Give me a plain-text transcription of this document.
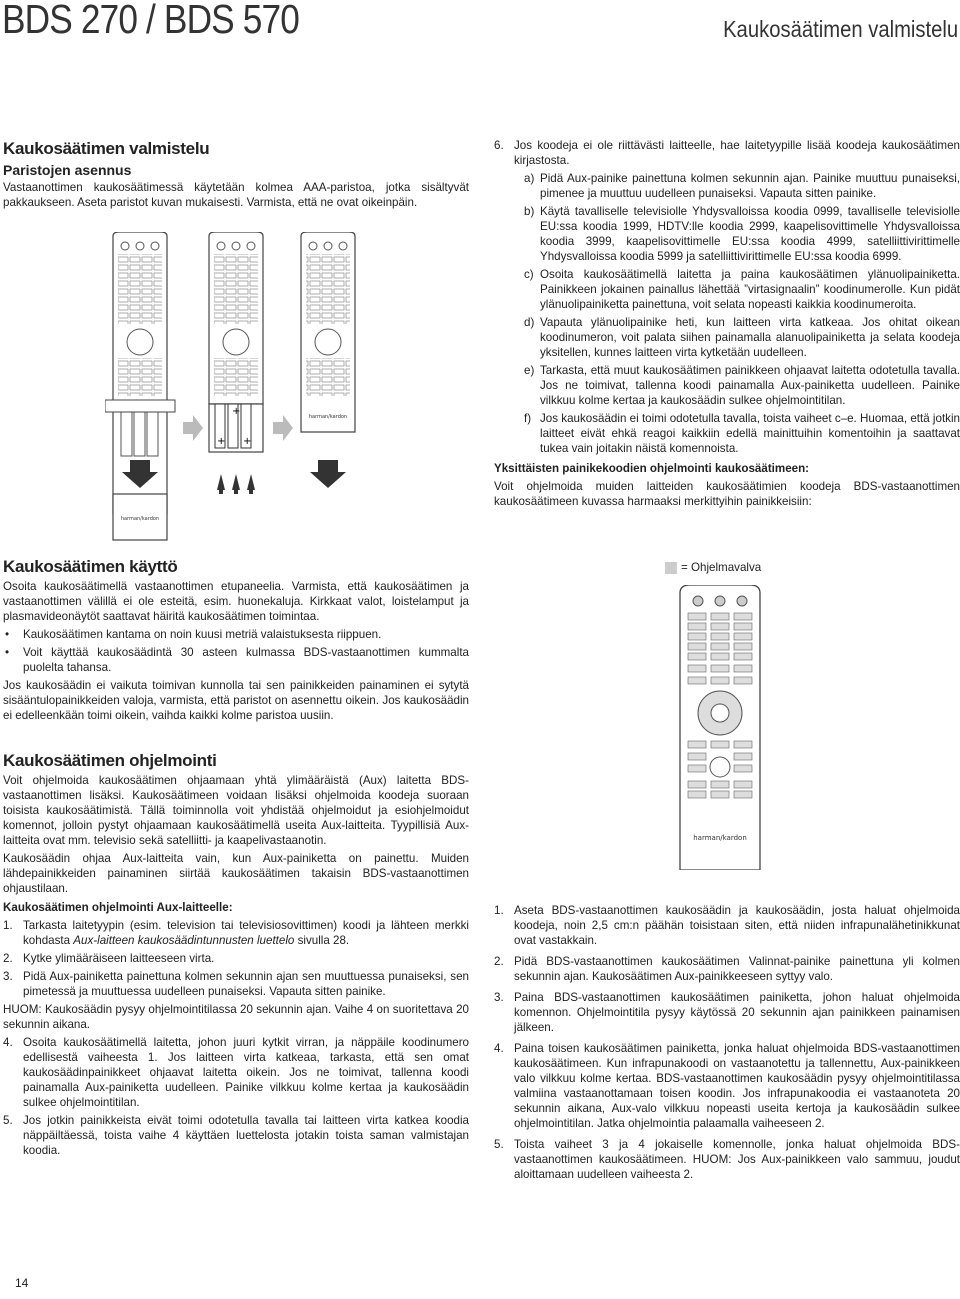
BDS 270 / BDS 570	Kaukosäätimen valmistelu
Kaukosäätimen valmistelu
Paristojen asennus

Vastaanottimen kaukosäätimessä käytetään kolmea AAA-paristoa, jotka sisältyvät pakkaukseen. Aseta paristot kuvan mukaisesti. Varmista, että ne ovat oikeinpäin.

+
+
+
harman/kardon
harman/kardon
Kaukosäätimen käyttö

Osoita kaukosäätimellä vastaanottimen etupaneelia. Varmista, että kaukosäätimen ja vastaanottimen välillä ei ole esteitä, esim. huonekaluja. Kirkkaat valot, loistelamput ja plasmavideonäytöt saattavat häiritä kaukosäätimen toimintaa.

• Kaukosäätimen kantama on noin kuusi metriä valaistuksesta riippuen.
• Voit käyttää kaukosäädintä 30 asteen kulmassa BDS-vastaanottimen kummalta puolelta tahansa.

Jos kaukosäädin ei vaikuta toimivan kunnolla tai sen painikkeiden painaminen ei sytytä sisääntulopainikkeiden valoja, varmista, että paristot on asennettu oikein. Jos kaukosäädin ei edelleenkään toimi oikein, vaihda kaikki kolme paristoa uusiin.

Kaukosäätimen ohjelmointi

Voit ohjelmoida kaukosäätimen ohjaamaan yhtä ylimääräistä (Aux) laitetta BDS-vastaanottimen lisäksi. Kaukosäätimeen voidaan lisäksi ohjelmoida koodeja suoraan toisista kaukosäätimistä. Tällä toiminnolla voit yhdistää ohjelmoidut ja esiohjelmoidut komennot, jolloin pystyt ohjaamaan kaukosäätimellä useita Aux-laitteita. Tyypillisiä Aux-laitteita ovat mm. televisio sekä satelliitti- ja kaapelivastaanotin.

Kaukosäädin ohjaa Aux-laitteita vain, kun Aux-painiketta on painettu. Muiden lähdepainikkeiden painaminen siirtää kaukosäätimen takaisin BDS-vastaanottimen ohjaustilaan.

Kaukosäätimen ohjelmointi Aux-laitteelle:
1. Tarkasta laitetyypin (esim. television tai televisiosovittimen) koodi ja lähteen merkki kohdasta Aux-laitteen kaukosäädintunnusten luettelo sivulla 28.
2. Kytke ylimääräiseen laitteeseen virta.
3. Pidä Aux-painiketta painettuna kolmen sekunnin ajan sen muuttuessa punaiseksi, sen pimetessä ja muuttuessa uudelleen punaiseksi. Vapauta sitten painike.

HUOM: Kaukosäädin pysyy ohjelmointitilassa 20 sekunnin ajan. Vaihe 4 on suoritettava 20 sekunnin aikana.

4. Osoita kaukosäätimellä laitetta, johon juuri kytkit virran, ja näppäile koodinumero edellisestä vaiheesta 1. Jos laitteen virta katkeaa, tarkasta, että sen omat kaukosäädinpainikkeet ohjaavat laitetta oikein. Jos ne toimivat, tallenna koodi painamalla Aux-painiketta uudelleen. Painike vilkkuu kolme kertaa ja kaukosäädin sulkee ohjelmointitilan.
5. Jos jotkin painikkeista eivät toimi odotetulla tavalla tai laitteen virta katkea koodia näppäiltäessä, toista vaihe 4 käyttäen luettelosta jotakin toista saman valmistajan koodia.
6. Jos koodeja ei ole riittävästi laitteelle, hae laitetyypille lisää koodeja kaukosäätimen kirjastosta.
a) Pidä Aux-painike painettuna kolmen sekunnin ajan. Painike muuttuu punaiseksi, pimenee ja muuttuu uudelleen punaiseksi. Vapauta sitten painike.
b) Käytä tavalliselle televisiolle Yhdysvalloissa koodia 0999, tavalliselle televisiolle EU:ssa koodia 1999, HDTV:lle koodia 2999, kaapelisovittimelle Yhdysvalloissa koodia 3999, kaapelisovittimelle EU:ssa koodia 4999, satelliittivirittimelle Yhdysvalloissa koodia 5999 ja satelliittivirittimelle EU:ssa koodia 6999.
c) Osoita kaukosäätimellä laitetta ja paina kaukosäätimen ylänuolipainiketta. Painikkeen jokainen painallus lähettää ”virtasignaalin” koodinumerolle. Kun pidät ylänuolipainiketta painettuna, voit selata nopeasti kaikkia koodinumeroita.
d) Vapauta ylänuolipainike heti, kun laitteen virta katkeaa. Jos ohitat oikean koodinumeron, voit palata siihen painamalla alanuolipainiketta ja selata koodeja yksitellen, kunnes laitteen virta kytketään uudelleen.
e) Tarkasta, että muut kaukosäätimen painikkeen ohjaavat laitetta odotetulla tavalla. Jos ne toimivat, tallenna koodi painamalla Aux-painiketta uudelleen. Painike vilkkuu kolme kertaa ja kaukosäädin sulkee ohjelmointitilan.
f) Jos kaukosäädin ei toimi odotetulla tavalla, toista vaiheet c–e. Huomaa, että jotkin laitteet eivät ehkä reagoi kaikkiin edellä mainittuihin komentoihin ja saattavat tukea vain joitakin näistä komennoista.
Yksittäisten painikekoodien ohjelmointi kaukosäätimeen:

Voit ohjelmoida muiden laitteiden kaukosäätimien koodeja BDS-vastaanottimen kaukosäätimeen kuvassa harmaaksi merkittyihin painikkeisiin:

= Ohjelmavalva
harman/kardon
1. Aseta BDS-vastaanottimen kaukosäädin ja kaukosäädin, josta haluat ohjelmoida koodeja, noin 2,5 cm:n päähän toisistaan siten, että niiden infrapunalähetinikkunat ovat vastakkain.
2. Pidä BDS-vastaanottimen kaukosäätimen Valinnat-painike painettuna yli kolmen sekunnin ajan. Kaukosäätimen Aux-painikkeeseen syttyy valo.
3. Paina BDS-vastaanottimen kaukosäätimen painiketta, johon haluat ohjelmoida komennon. Ohjelmointitila pysyy käytössä 20 sekunnin ajan painikkeen painamisen jälkeen.
4. Paina toisen kaukosäätimen painiketta, jonka haluat ohjelmoida BDS-vastaanottimen kaukosäätimeen. Kun infrapunakoodi on vastaanotettu ja tallennettu, Aux-painikkeen valo vilkkuu kolme kertaa. BDS-vastaanottimen kaukosäädin pysyy ohjelmointitilassa valmiina vastaanottamaan toisen koodin. Jos infrapunakoodia ei vastaanoteta 20 sekunnin aikana, Aux-valo vilkkuu nopeasti useita kertoja ja kaukosäädin sulkee ohjelmointitilan. Jatka ohjelmointia palaamalla vaiheeseen 2.
5. Toista vaiheet 3 ja 4 jokaiselle komennolle, jonka haluat ohjelmoida BDS-vastaanottimen kaukosäätimeen. HUOM: Jos Aux-painikkeen valo sammuu, joudut aloittamaan uudelleen vaiheesta 2.
14
